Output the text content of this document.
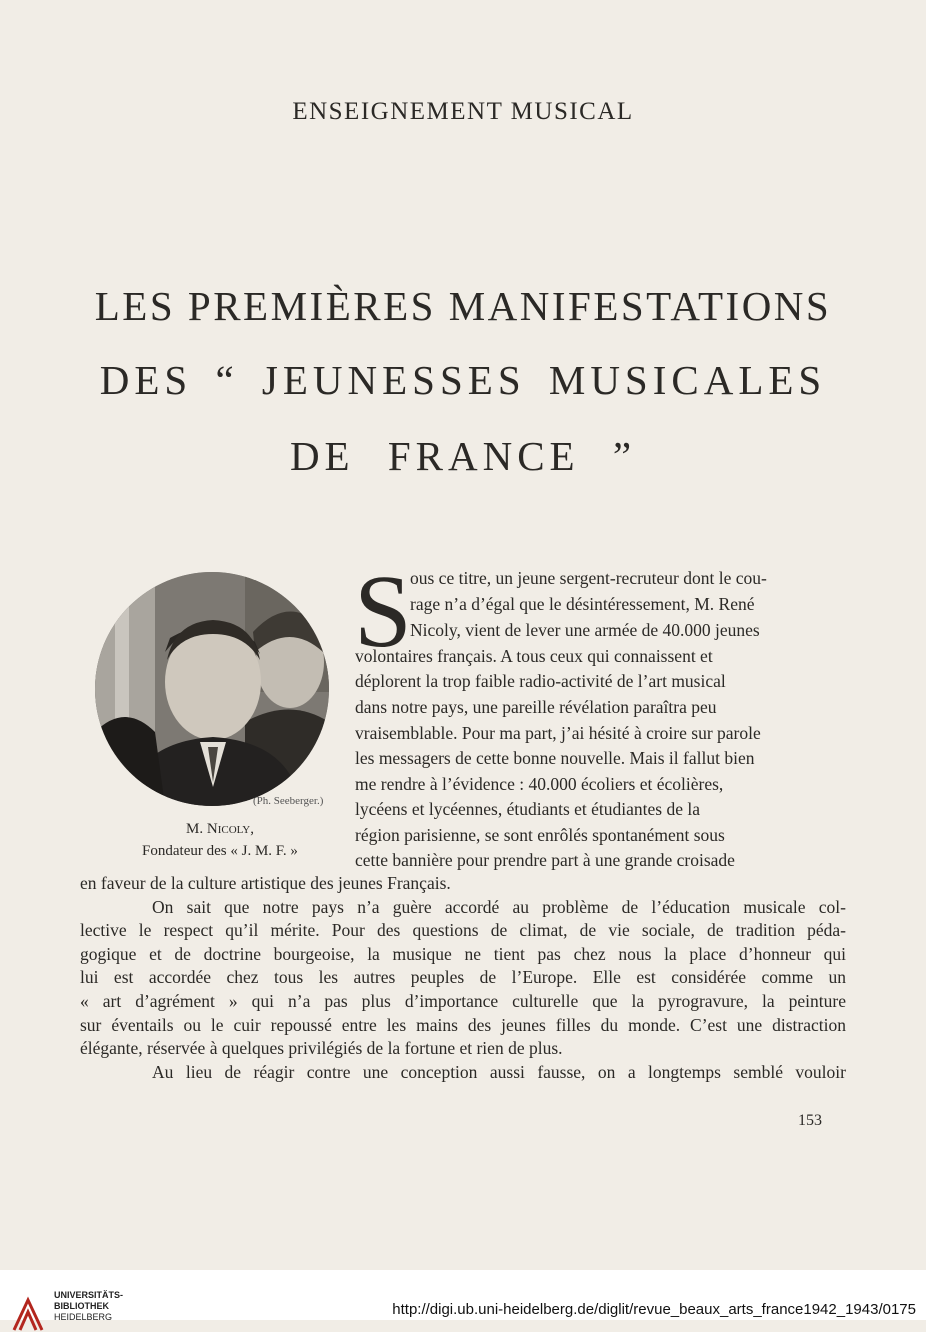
ENSEIGNEMENT MUSICAL
LES PREMIÈRES MANIFESTATIONS
DES “ JEUNESSES MUSICALES
DE FRANCE ”
(Ph. Seeberger.)
M. Nicoly,
Fondateur des « J. M. F. »
S
ous ce titre, un jeune sergent-recruteur dont le cou-
rage n’a d’égal que le désintéressement, M. René
Nicoly, vient de lever une armée de 40.000 jeunes
volontaires français. A tous ceux qui connaissent et
déplorent la trop faible radio-activité de l’art musical
dans notre pays, une pareille révélation paraîtra peu
vraisemblable. Pour ma part, j’ai hésité à croire sur parole
les messagers de cette bonne nouvelle. Mais il fallut bien
me rendre à l’évidence : 40.000 écoliers et écolières,
lycéens et lycéennes, étudiants et étudiantes de la
région parisienne, se sont enrôlés spontanément sous
cette bannière pour prendre part à une grande croisade
en faveur de la culture artistique des jeunes Français.
On sait que notre pays n’a guère accordé au problème de l’éducation musicale col-
lective le respect qu’il mérite. Pour des questions de climat, de vie sociale, de tradition péda-
gogique et de doctrine bourgeoise, la musique ne tient pas chez nous la place d’honneur qui
lui est accordée chez tous les autres peuples de l’Europe. Elle est considérée comme un
« art d’agrément » qui n’a pas plus d’importance culturelle que la pyrogravure, la peinture
sur éventails ou le cuir repoussé entre les mains des jeunes filles du monde. C’est une distraction
élégante, réservée à quelques privilégiés de la fortune et rien de plus.
Au lieu de réagir contre une conception aussi fausse, on a longtemps semblé vouloir
153
UNIVERSITÄTS-
BIBLIOTHEK
HEIDELBERG	http://digi.ub.uni-heidelberg.de/diglit/revue_beaux_arts_france1942_1943/0175
